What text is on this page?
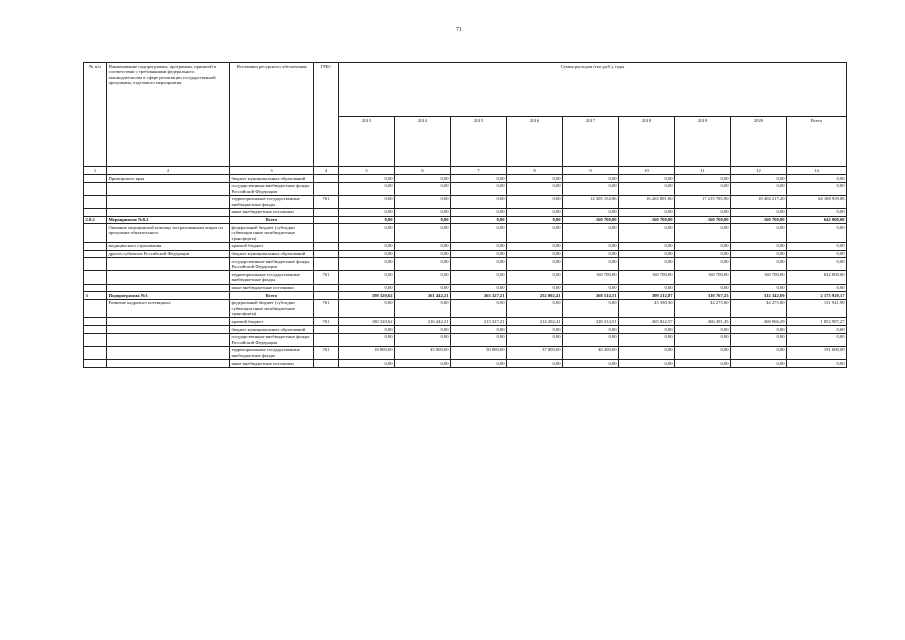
71
№ п/п	Наименование подпрограммы, программы, принятой в соответствии с требованиями федерального законодательства в сфере реализации государственной программы, отдельного мероприятия	Источники ресурсного обеспечения	ГРБС	Сумма расходов (тыс.руб.), годы								
				2013	2014	2015	2016	2017	2018	2019	2020	Всего
1	2	3	4	5	6	7	8	9	10	11	12	14
	Приморского края	бюджет муниципальных образований		0,00	0,00	0,00	0,00	0,00	0,00	0,00	0,00	0,00
		государственные внебюджетные фонды Российской Федерации		0,00	0,00	0,00	0,00	0,00	0,00	0,00	0,00	0,00
		территориальные государственные внебюджетные фонды	761	0,00	0,00	0,00	0,00	12 305 154,96	16 263 801,00	17 215 785,90	18 404 217,20	64 188 959,06
		иные внебюджетные источники		0,00	0,00	0,00	0,00	0,00	0,00	0,00	0,00	0,00
2.8.2	Мероприятие №8.2	Всего		0,00	0,00	0,00	0,00	160 700,00	160 700,00	160 700,00	160 700,00	642 800,00
	Оказание медицинской помощи застрахованным лицам по программе обязательного	федеральный бюджет (субсидии субвенции иные межбюджетные трансферты)		0,00	0,00	0,00	0,00	0,00	0,00	0,00	0,00	0,00
	медицинского страхования	краевой бюджет		0,00	0,00	0,00	0,00	0,00	0,00	0,00	0,00	0,00
	других субъектов Российской Федерации	бюджет муниципальных образований		0,00	0,00	0,00	0,00	0,00	0,00	0,00	0,00	0,00
		государственные внебюджетные фонды Российской Федерации		0,00	0,00	0,00	0,00	0,00	0,00	0,00	0,00	0,00
		территориальные государственные внебюджетные фонды	761	0,00	0,00	0,00	0,00	160 700,00	160 700,00	160 700,00	160 700,00	642 800,00
		иные внебюджетные источники		0,00	0,00	0,00	0,00	0,00	0,00	0,00	0,00	0,00
3	Подпрограмма №3	Всего		198 320,62	261 442,21	263 327,21	252 002,41	268 514,51	309 212,87	310 767,25	312 342,69	2 175 929,17
	Развитие кадрового потенциала	федеральный бюджет (субсидии субвенции иные межбюджетные трансферты)	761	0,00	0,00	0,00	0,00	0,00	43 390,30	44 275,80	44 275,80	131 941,90
		краевой бюджет	761	180 320,62	216 442,21	213 327,21	214 202,41	228 314,51	265 822,57	266 491,45	268 066,29	1 852 987,27
		бюджет муниципальных образований		0,00	0,00	0,00	0,00	0,00	0,00	0,00	0,00	0,00
		государственные внебюджетные фонды Российской Федерации		0,00	0,00	0,00	0,00	0,00	0,00	0,00	0,00	0,00
		территориальные государственные внебюджетные фонды	761	18 000,00	45 000,00	50 000,00	37 800,00	40 200,00	0,00	0,00	0,00	191 000,00
		иные внебюджетные источники		0,00	0,00	0,00	0,00	0,00	0,00	0,00	0,00	0,00
